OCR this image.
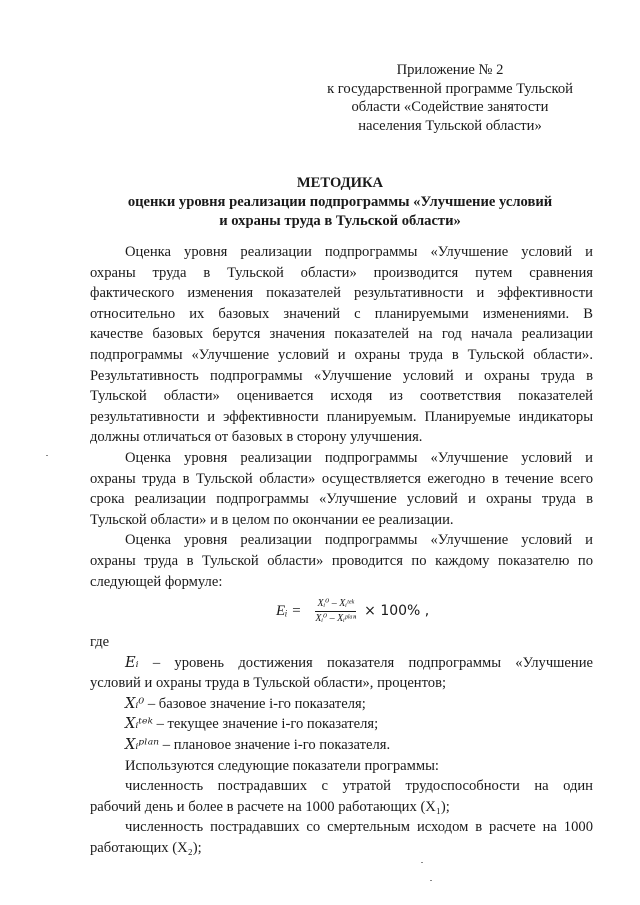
Приложение № 2
к государственной программе Тульской
области «Содействие занятости
населения Тульской области»
МЕТОДИКА
оценки уровня реализации подпрограммы «Улучшение условий
и охраны труда в Тульской области»
Оценка уровня реализации подпрограммы «Улучшение условий и
охраны труда в Тульской области» производится путем сравнения
фактического изменения показателей результативности и эффективности
относительно их базовых значений с планируемыми изменениями. В
качестве базовых берутся значения показателей на год начала реализации
подпрограммы «Улучшение условий и охраны труда в Тульской области».
Результативность подпрограммы «Улучшение условий и охраны труда в
Тульской области» оценивается исходя из соответствия показателей
результативности и эффективности планируемым. Планируемые индикаторы
должны отличаться от базовых в сторону улучшения.
Оценка уровня реализации подпрограммы «Улучшение условий и
охраны труда в Тульской области» осуществляется ежегодно в течение всего
срока реализации подпрограммы «Улучшение условий и охраны труда в
Тульской области» и в целом по окончании ее реализации.
Оценка уровня реализации подпрограммы «Улучшение условий и
охраны труда в Тульской области» проводится по каждому показателю по
следующей формуле:
Eᵢ = $\frac{\text{Xᵢ⁰ – Xᵢᵗᵉᵏ}}{\text{Xᵢ⁰ – Xᵢᵖˡᵃⁿ}} \times 100\%$ ,
где
Eᵢ – уровень достижения показателя подпрограммы «Улучшение
условий и охраны труда в Тульской области», процентов;
Xᵢ⁰ – базовое значение i-го показателя;
Xᵢᵗᵉᵏ – текущее значение i-го показателя;
Xᵢᵖˡᵃⁿ – плановое значение i-го показателя.
Используются следующие показатели программы:
численность пострадавших с утратой трудоспособности на один
рабочий день и более в расчете на 1000 работающих (X₁);
численность пострадавших со смертельным исходом в расчете на 1000
работающих (X₂);
